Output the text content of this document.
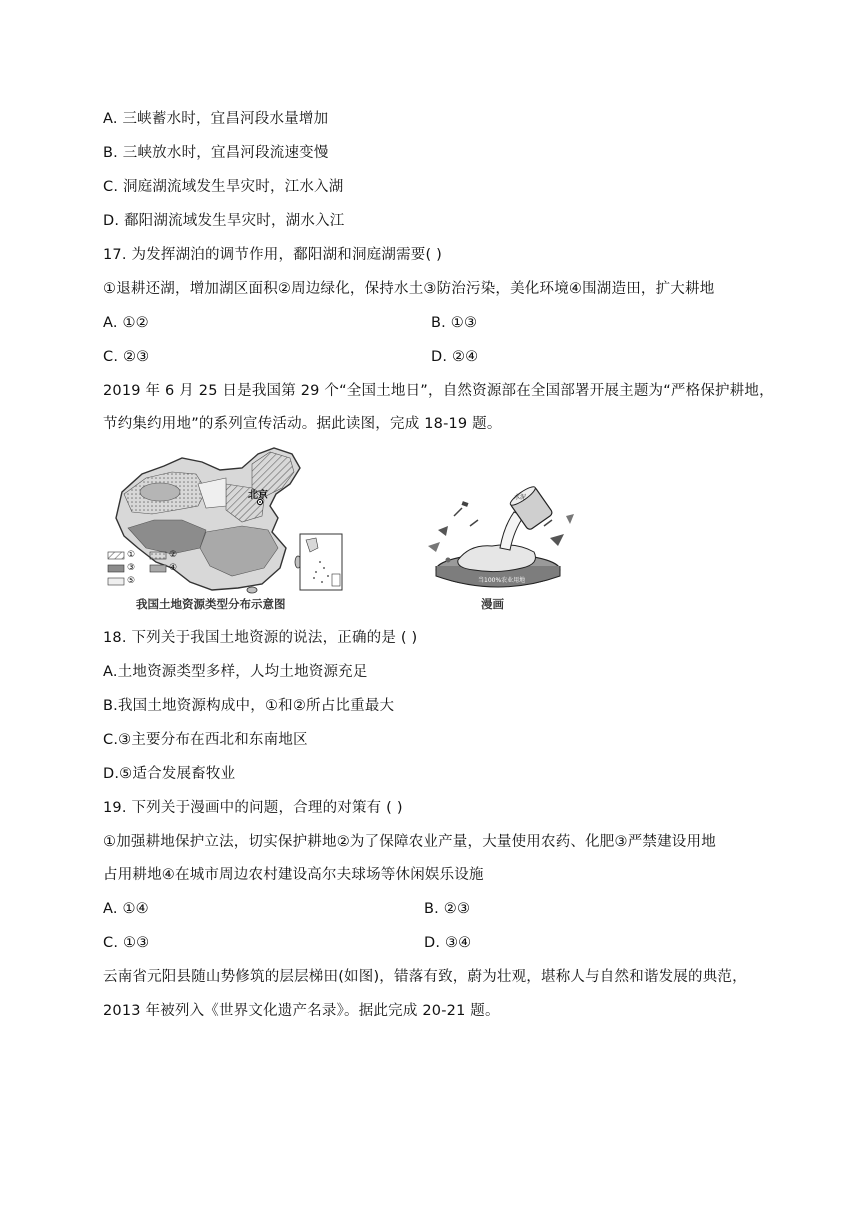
A. 三峡蓄水时，宜昌河段水量增加
B. 三峡放水时，宜昌河段流速变慢
C. 洞庭湖流域发生旱灾时，江水入湖
D. 鄱阳湖流域发生旱灾时，湖水入江
17. 为发挥湖泊的调节作用，鄱阳湖和洞庭湖需要( )
①退耕还湖，增加湖区面积②周边绿化，保持水土③防治污染，美化环境④围湖造田，扩大耕地
A. ①②	B. ①③
C. ②③	D. ②④
2019 年 6 月 25 日是我国第 29 个“全国土地日”，自然资源部在全国部署开展主题为“严格保护耕地，
节约集约用地”的系列宣传活动。据此读图，完成 18-19 题。
北京
①	②
③	④
⑤
我国土地资源类型分布示意图
水泥
当100%农业用地
漫画
18. 下列关于我国土地资源的说法，正确的是 ( )
A.土地资源类型多样，人均土地资源充足
B.我国土地资源构成中，①和②所占比重最大
C.③主要分布在西北和东南地区
D.⑤适合发展畜牧业
19. 下列关于漫画中的问题，合理的对策有 ( )
①加强耕地保护立法，切实保护耕地②为了保障农业产量，大量使用农药、化肥③严禁建设用地
占用耕地④在城市周边农村建设高尔夫球场等休闲娱乐设施
A. ①④	B. ②③
C. ①③	D. ③④
云南省元阳县随山势修筑的层层梯田(如图)，错落有致，蔚为壮观，堪称人与自然和谐发展的典范，
2013 年被列入《世界文化遗产名录》。据此完成 20-21 题。
